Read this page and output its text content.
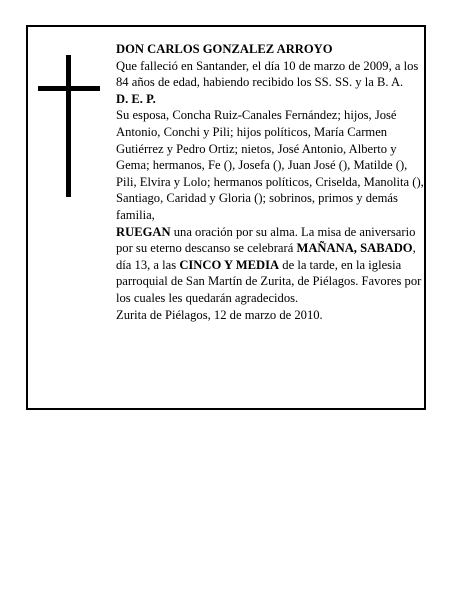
DON CARLOS GONZALEZ ARROYO

Que falleció en Santander, el día 10 de marzo de 2009, a los 84 años de edad, habiendo recibido los SS. SS. y la B. A.

D. E. P.

Su esposa, Concha Ruiz-Canales Fernández; hijos, José Antonio, Conchi y Pili; hijos políticos, María Carmen Gutiérrez y Pedro Ortiz; nietos, José Antonio, Alberto y Gema; hermanos, Fe (), Josefa (), Juan José (), Matilde (), Pili, Elvira y Lolo; hermanos políticos, Criselda, Manolita (), Santiago, Caridad y Gloria (); sobrinos, primos y demás familia,

RUEGAN una oración por su alma. La misa de aniversario por su eterno descanso se celebrará MAÑANA, SABADO, día 13, a las CINCO Y MEDIA de la tarde, en la iglesia parroquial de San Martín de Zurita, de Piélagos. Favores por los cuales les quedarán agradecidos.

Zurita de Piélagos, 12 de marzo de 2010.
